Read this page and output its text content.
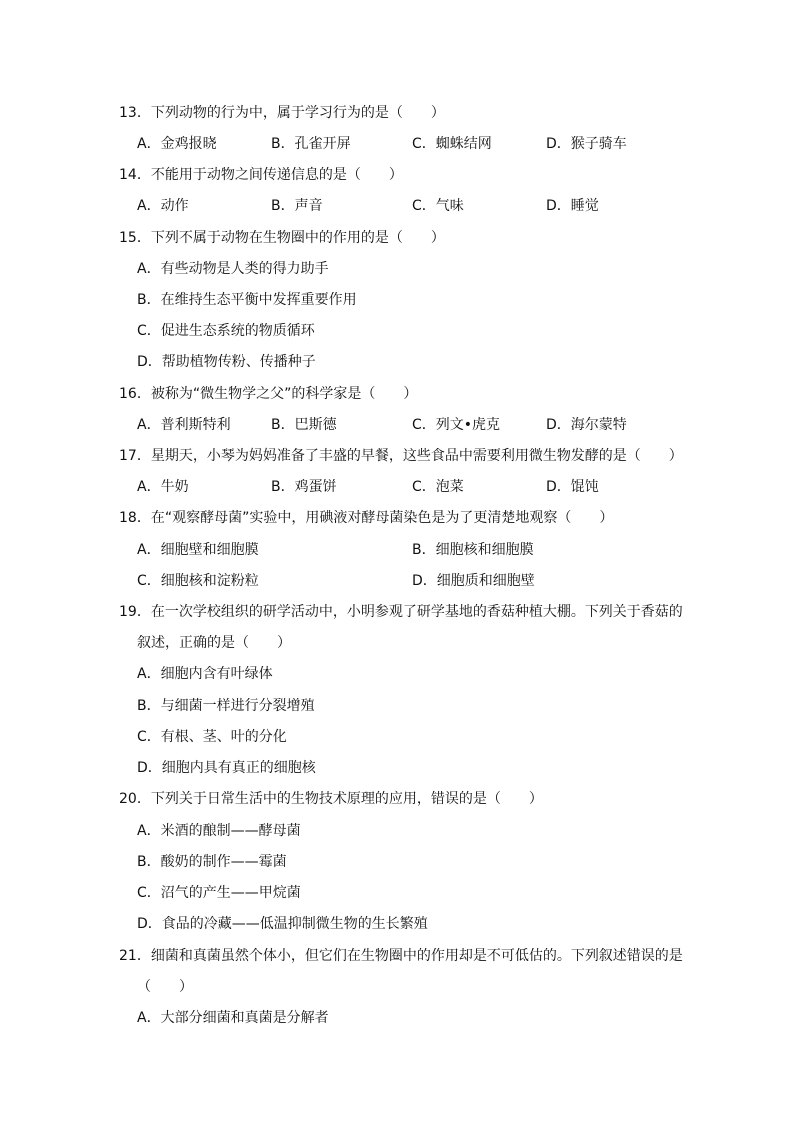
13．下列动物的行为中，属于学习行为的是（　　）
A．金鸡报晓	B．孔雀开屏	C．蜘蛛结网	D．猴子骑车
14．不能用于动物之间传递信息的是（　　）
A．动作	B．声音	C．气味	D．睡觉
15．下列不属于动物在生物圈中的作用的是（　　）
A．有些动物是人类的得力助手
B．在维持生态平衡中发挥重要作用
C．促进生态系统的物质循环
D．帮助植物传粉、传播种子
16．被称为“微生物学之父”的科学家是（　　）
A．普利斯特利	B．巴斯德	C．列文•虎克	D．海尔蒙特
17．星期天，小琴为妈妈准备了丰盛的早餐，这些食品中需要利用微生物发酵的是（　　）
A．牛奶	B．鸡蛋饼	C．泡菜	D．馄饨
18．在“观察酵母菌”实验中，用碘液对酵母菌染色是为了更清楚地观察（　　）
A．细胞壁和细胞膜	B．细胞核和细胞膜
C．细胞核和淀粉粒	D．细胞质和细胞壁
19．在一次学校组织的研学活动中，小明参观了研学基地的香菇种植大棚。下列关于香菇的
叙述，正确的是（　　）
A．细胞内含有叶绿体
B．与细菌一样进行分裂增殖
C．有根、茎、叶的分化
D．细胞内具有真正的细胞核
20．下列关于日常生活中的生物技术原理的应用，错误的是（　　）
A．米酒的酿制——酵母菌
B．酸奶的制作——霉菌
C．沼气的产生——甲烷菌
D．食品的冷藏——低温抑制微生物的生长繁殖
21．细菌和真菌虽然个体小，但它们在生物圈中的作用却是不可低估的。下列叙述错误的是
（　　）
A．大部分细菌和真菌是分解者
